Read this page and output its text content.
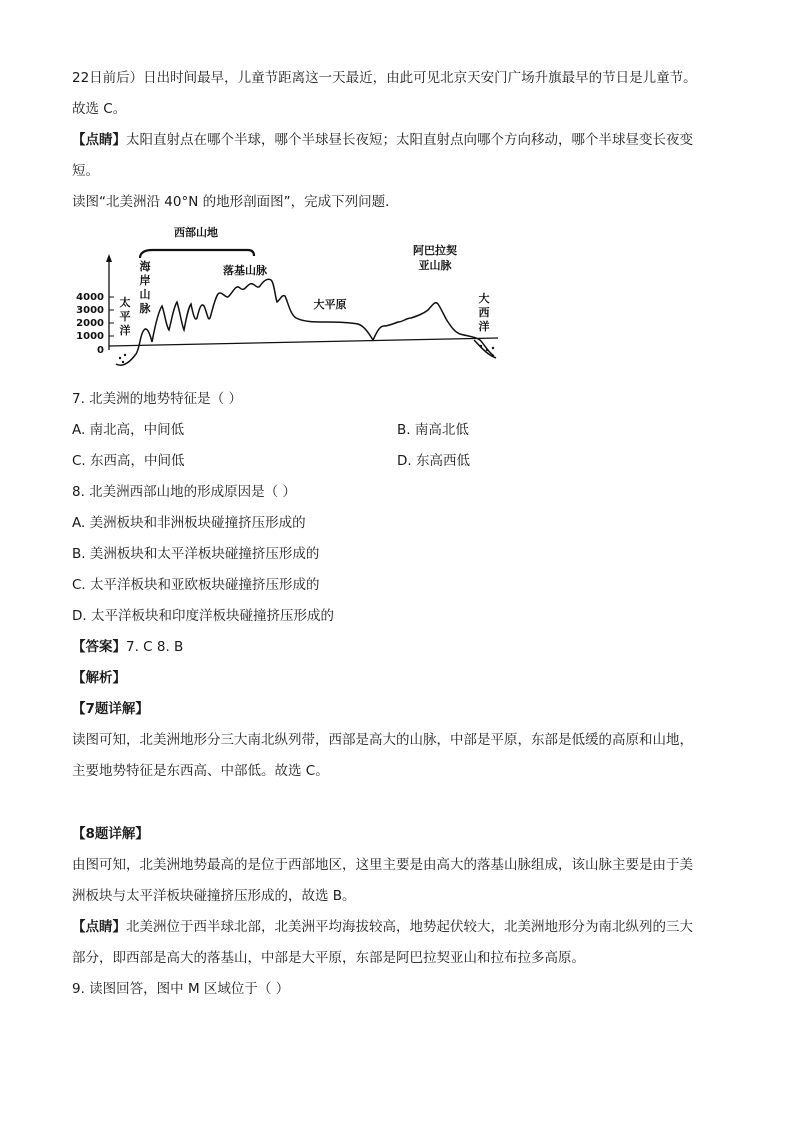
22日前后）日出时间最早，儿童节距离这一天最近，由此可见北京天安门广场升旗最早的节日是儿童节。
故选 C。
【点睛】太阳直射点在哪个半球，哪个半球昼长夜短；太阳直射点向哪个方向移动，哪个半球昼变长夜变
短。
读图“北美洲沿 40°N 的地形剖面图”，完成下列问题．
4000
3000
2000
1000
0
西部山地
海
岸
山
脉
太
平
洋
落基山脉
大平原
阿巴拉契
亚山脉
大
西
洋
7. 北美洲的地势特征是（ ）
A. 南北高，中间低	B. 南高北低
C. 东西高，中间低	D. 东高西低
8. 北美洲西部山地的形成原因是（ ）
A. 美洲板块和非洲板块碰撞挤压形成的
B. 美洲板块和太平洋板块碰撞挤压形成的
C. 太平洋板块和亚欧板块碰撞挤压形成的
D. 太平洋板块和印度洋板块碰撞挤压形成的
【答案】7. C 8. B
【解析】
【7题详解】
读图可知，北美洲地形分三大南北纵列带，西部是高大的山脉，中部是平原，东部是低缓的高原和山地，
主要地势特征是东西高、中部低。故选 C。
【8题详解】
由图可知，北美洲地势最高的是位于西部地区，这里主要是由高大的落基山脉组成，该山脉主要是由于美
洲板块与太平洋板块碰撞挤压形成的，故选 B。
【点睛】北美洲位于西半球北部，北美洲平均海拔较高，地势起伏较大，北美洲地形分为南北纵列的三大
部分，即西部是高大的落基山，中部是大平原，东部是阿巴拉契亚山和拉布拉多高原。
9. 读图回答，图中 M 区域位于（ ）
